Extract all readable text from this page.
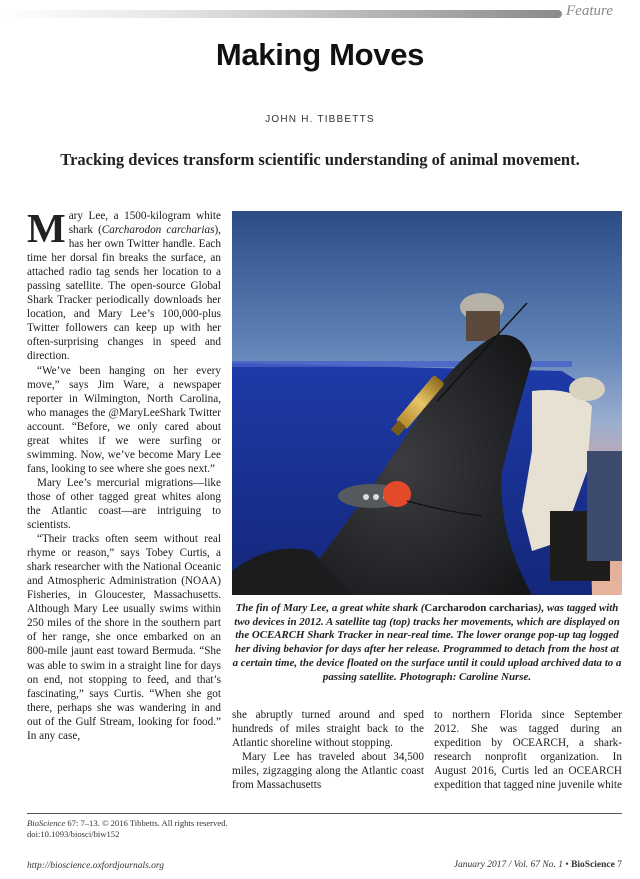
Feature
Making Moves
JOHN H. TIBBETTS
Tracking devices transform scientific understanding of animal movement.

Mary Lee, a 1500-kilogram white shark (Carcharodon carcharias), has her own Twitter handle. Each time her dorsal fin breaks the surface, an attached radio tag sends her location to a passing satellite. The open-source Global Shark Tracker periodically downloads her location, and Mary Lee’s 100,000-plus Twitter followers can keep up with her often-surprising changes in speed and direction.

“We’ve been hanging on her every move,” says Jim Ware, a newspaper reporter in Wilmington, North Carolina, who manages the @MaryLeeShark Twitter account. “Before, we only cared about great whites if we were surfing or swimming. Now, we’ve become Mary Lee fans, looking to see where she goes next.”

Mary Lee’s mercurial migrations—like those of other tagged great whites along the Atlantic coast—are intriguing to scientists.

“Their tracks often seem without real rhyme or reason,” says Tobey Curtis, a shark researcher with the National Oceanic and Atmospheric Administration (NOAA) Fisheries, in Gloucester, Massachusetts. Although Mary Lee usually swims within 250 miles of the shore in the southern part of her range, she once embarked on an 800-mile jaunt east toward Bermuda. “She was able to swim in a straight line for days on end, not stopping to feed, and that’s fascinating,” says Curtis. “When she got there, perhaps she was wandering in and out of the Gulf Stream, looking for food.” In any case,

The fin of Mary Lee, a great white shark (Carcharodon carcharias), was tagged with two devices in 2012. A satellite tag (top) tracks her movements, which are displayed on the OCEARCH Shark Tracker in near-real time. The lower orange pop-up tag logged her diving behavior for days after her release. Programmed to detach from the host at a certain time, the device floated on the surface until it could upload archived data to a passing satellite. Photograph: Caroline Nurse.

she abruptly turned around and sped hundreds of miles straight back to the Atlantic shoreline without stopping.

Mary Lee has traveled about 34,500 miles, zigzagging along the Atlantic coast from Massachusetts

to northern Florida since September 2012. She was tagged during an expedition by OCEARCH, a shark-research nonprofit organization. In August 2016, Curtis led an OCEARCH expedition that tagged nine juvenile white

BioScience 67: 7–13. © 2016 Tibbetts. All rights reserved.
doi:10.1093/biosci/biw152
http://bioscience.oxfordjournals.org	January 2017 / Vol. 67 No. 1 • BioScience 7
